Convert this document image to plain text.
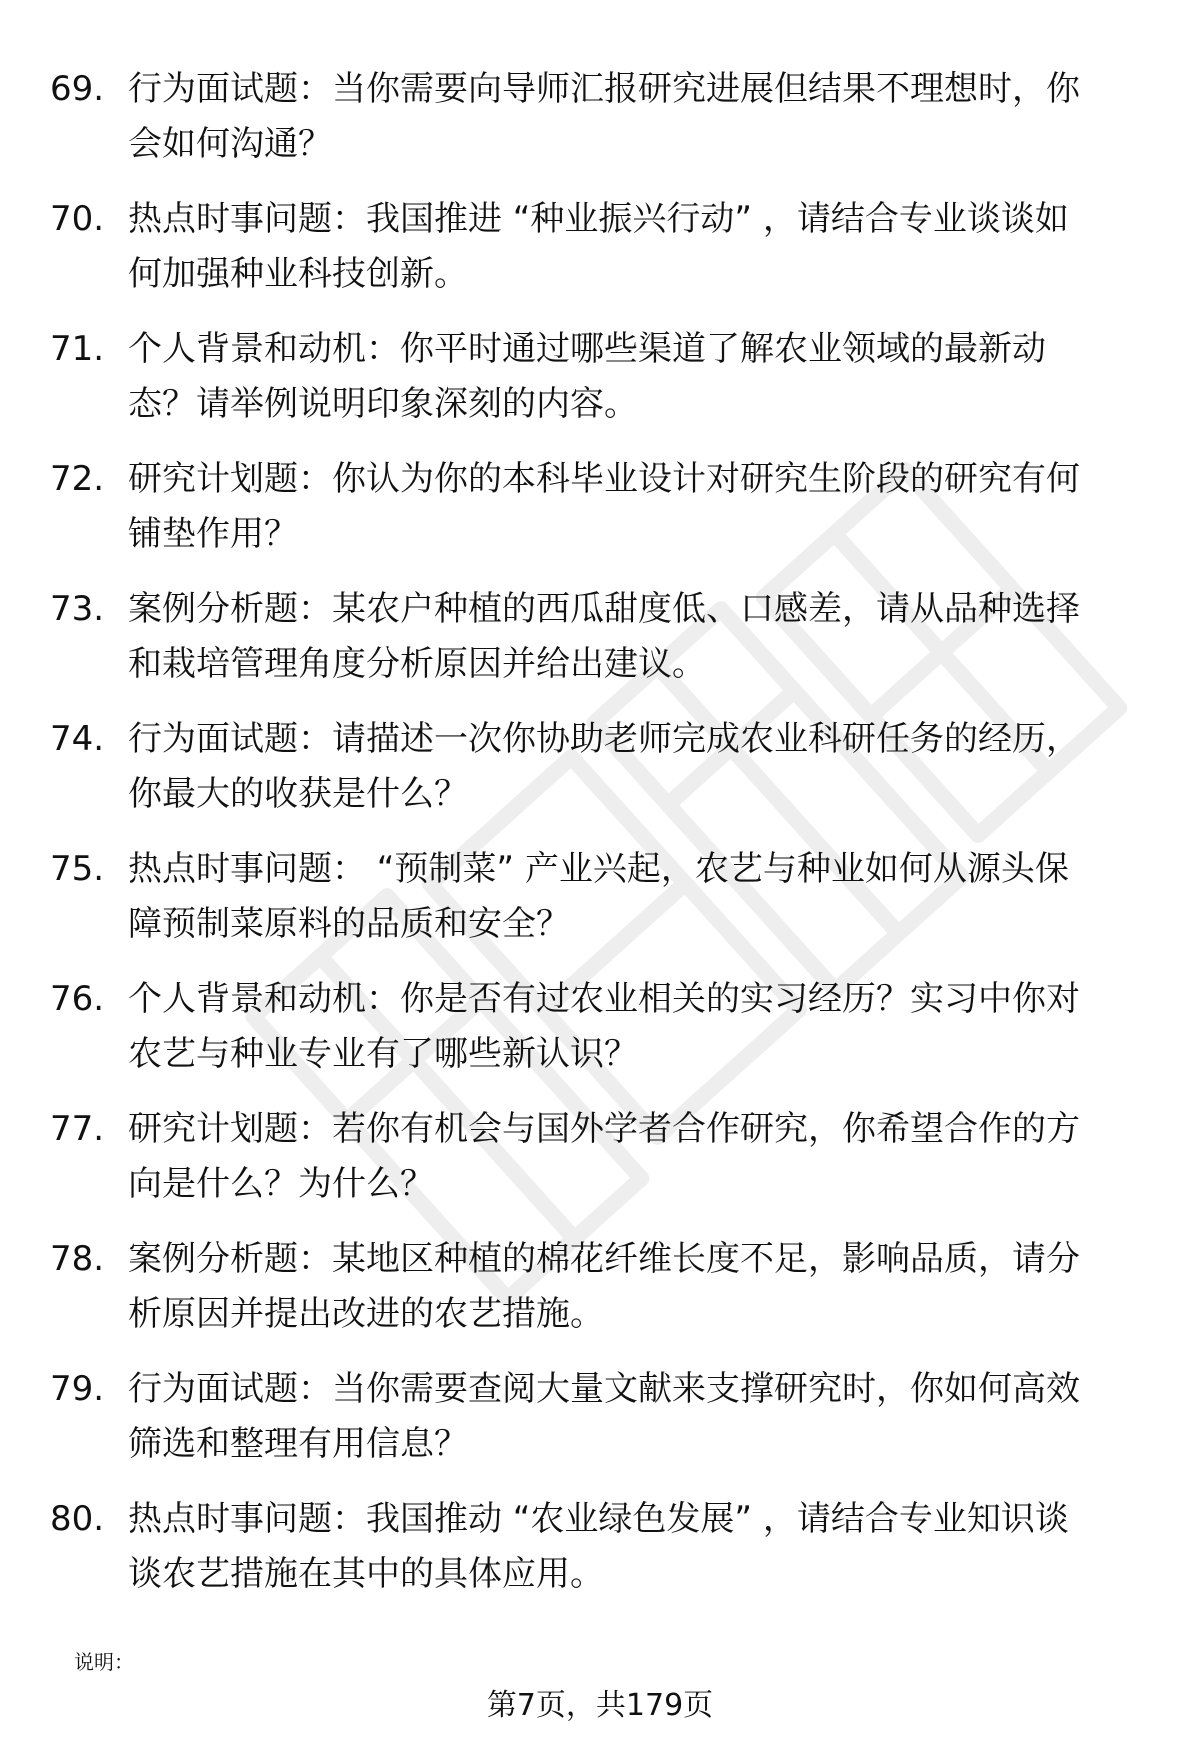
69. 行为面试题：当你需要向导师汇报研究进展但结果不理想时，你
会如何沟通？
70. 热点时事问题：我国推进 “种业振兴行动” ，请结合专业谈谈如
何加强种业科技创新。
71. 个人背景和动机：你平时通过哪些渠道了解农业领域的最新动
态？请举例说明印象深刻的内容。
72. 研究计划题：你认为你的本科毕业设计对研究生阶段的研究有何
铺垫作用？
73. 案例分析题：某农户种植的西瓜甜度低、口感差，请从品种选择
和栽培管理角度分析原因并给出建议。
74. 行为面试题：请描述一次你协助老师完成农业科研任务的经历，
你最大的收获是什么？
75. 热点时事问题： “预制菜” 产业兴起，农艺与种业如何从源头保
障预制菜原料的品质和安全？
76. 个人背景和动机：你是否有过农业相关的实习经历？实习中你对
农艺与种业专业有了哪些新认识？
77. 研究计划题：若你有机会与国外学者合作研究，你希望合作的方
向是什么？为什么？
78. 案例分析题：某地区种植的棉花纤维长度不足，影响品质，请分
析原因并提出改进的农艺措施。
79. 行为面试题：当你需要查阅大量文献来支撑研究时，你如何高效
筛选和整理有用信息？
80. 热点时事问题：我国推动 “农业绿色发展” ，请结合专业知识谈
谈农艺措施在其中的具体应用。
说明：
第7页，共179页
